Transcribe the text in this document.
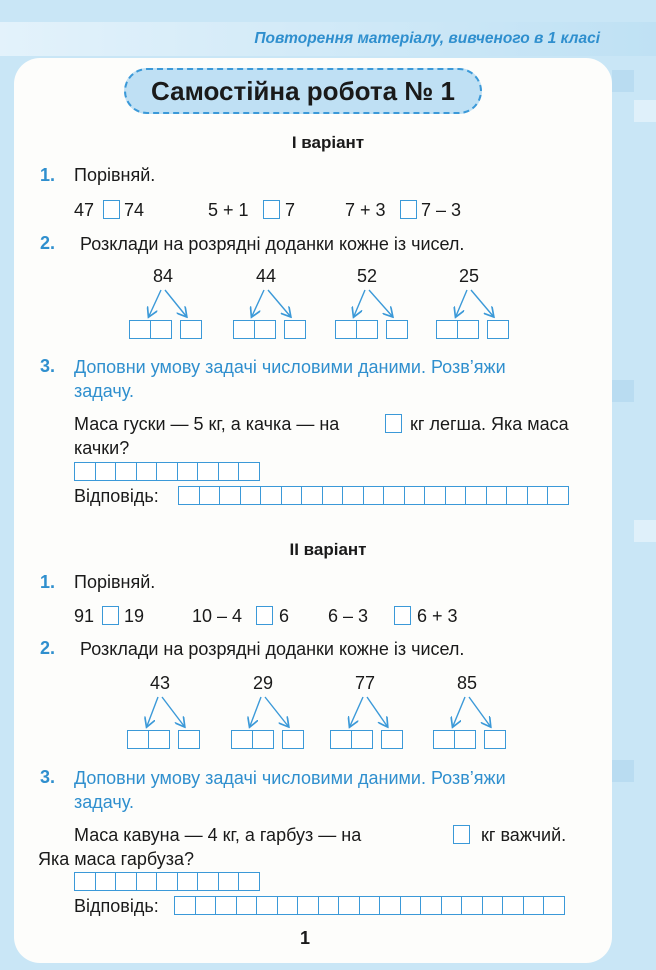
Повторення матеріалу, вивченого в 1 класі
Самостійна робота № 1
І варіант
1. Порівняй.
47 74	5 + 1 7	7 + 3 7 – 3
2. Розклади на розрядні доданки кожне із чисел.
84	44	52	25
3. Доповни умову задачі числовими даними. Розв’яжи
задачу.
Маса гуски — 5 кг, а качка — на	кг легша. Яка маса
качки?
Відповідь:
ІІ варіант
1. Порівняй.
91 19	10 – 4 6 6 – 3	6 + 3
2. Розклади на розрядні доданки кожне із чисел.
43	29	77	85
3. Доповни умову задачі числовими даними. Розв’яжи
задачу.
Маса кавуна — 4 кг, а гарбуз — на	кг важчий.
Яка маса гарбуза?
Відповідь:
1
